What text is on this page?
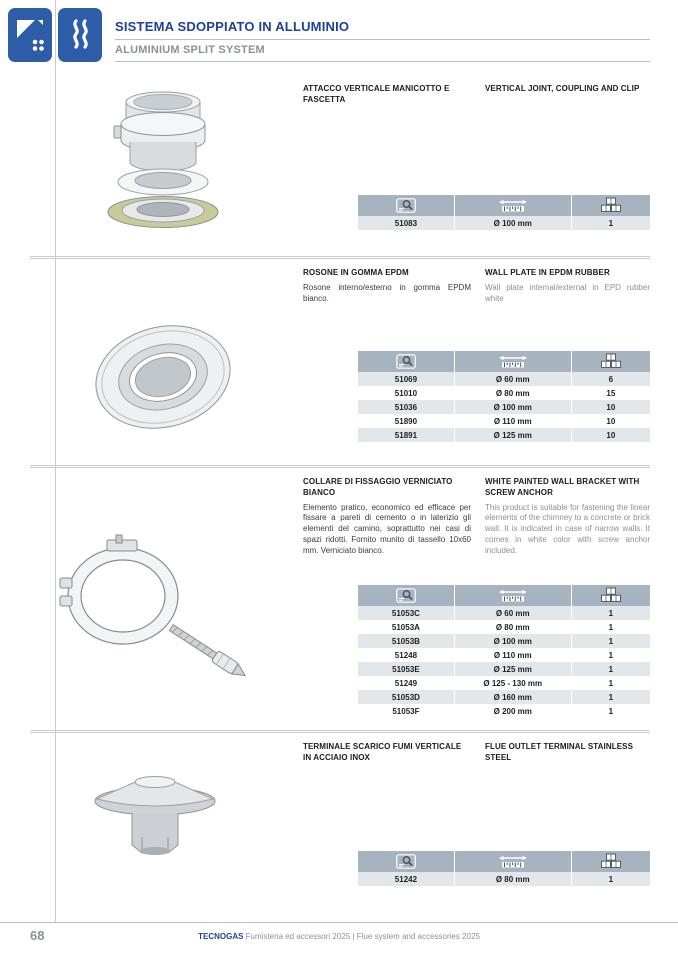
SISTEMA SDOPPIATO IN ALLUMINIO
ALUMINIUM SPLIT SYSTEM
ATTACCO VERTICALE MANICOTTO E FASCETTA
VERTICAL JOINT, COUPLING AND CLIP

51083	Ø 100 mm	1
ROSONE IN GOMMA EPDM
Rosone interno/esterno in gomma EPDM bianco.
WALL PLATE IN EPDM RUBBER
Wall plate internal/external in EPD rubber white

51069	Ø 60 mm	6
51010	Ø 80 mm	15
51036	Ø 100 mm	10
51890	Ø 110 mm	10
51891	Ø 125 mm	10
COLLARE DI FISSAGGIO VERNICIATO BIANCO
Elemento pratico, economico ed efficace per fissare a pareti di cemento o in laterizio gli elementi del camino, soprattutto nei casi di spazi ridotti. Fornito munito di tassello 10x60 mm. Verniciato bianco.
WHITE PAINTED WALL BRACKET WITH SCREW ANCHOR
This product is suitable for fastening the linear elements of the chimney to a concrete or brick wall. It is indicated in case of narrow walls. It comes in white color with screw anchor included.

51053C	Ø 60 mm	1
51053A	Ø 80 mm	1
51053B	Ø 100 mm	1
51248	Ø 110 mm	1
51053E	Ø 125 mm	1
51249	Ø 125 - 130 mm	1
51053D	Ø 160 mm	1
51053F	Ø 200 mm	1
TERMINALE SCARICO FUMI VERTICALE IN ACCIAIO INOX
FLUE OUTLET TERMINAL STAINLESS STEEL

51242	Ø 80 mm	1
68	TECNOGAS Fumisteria ed accessori 2025 | Flue system and accessories 2025
